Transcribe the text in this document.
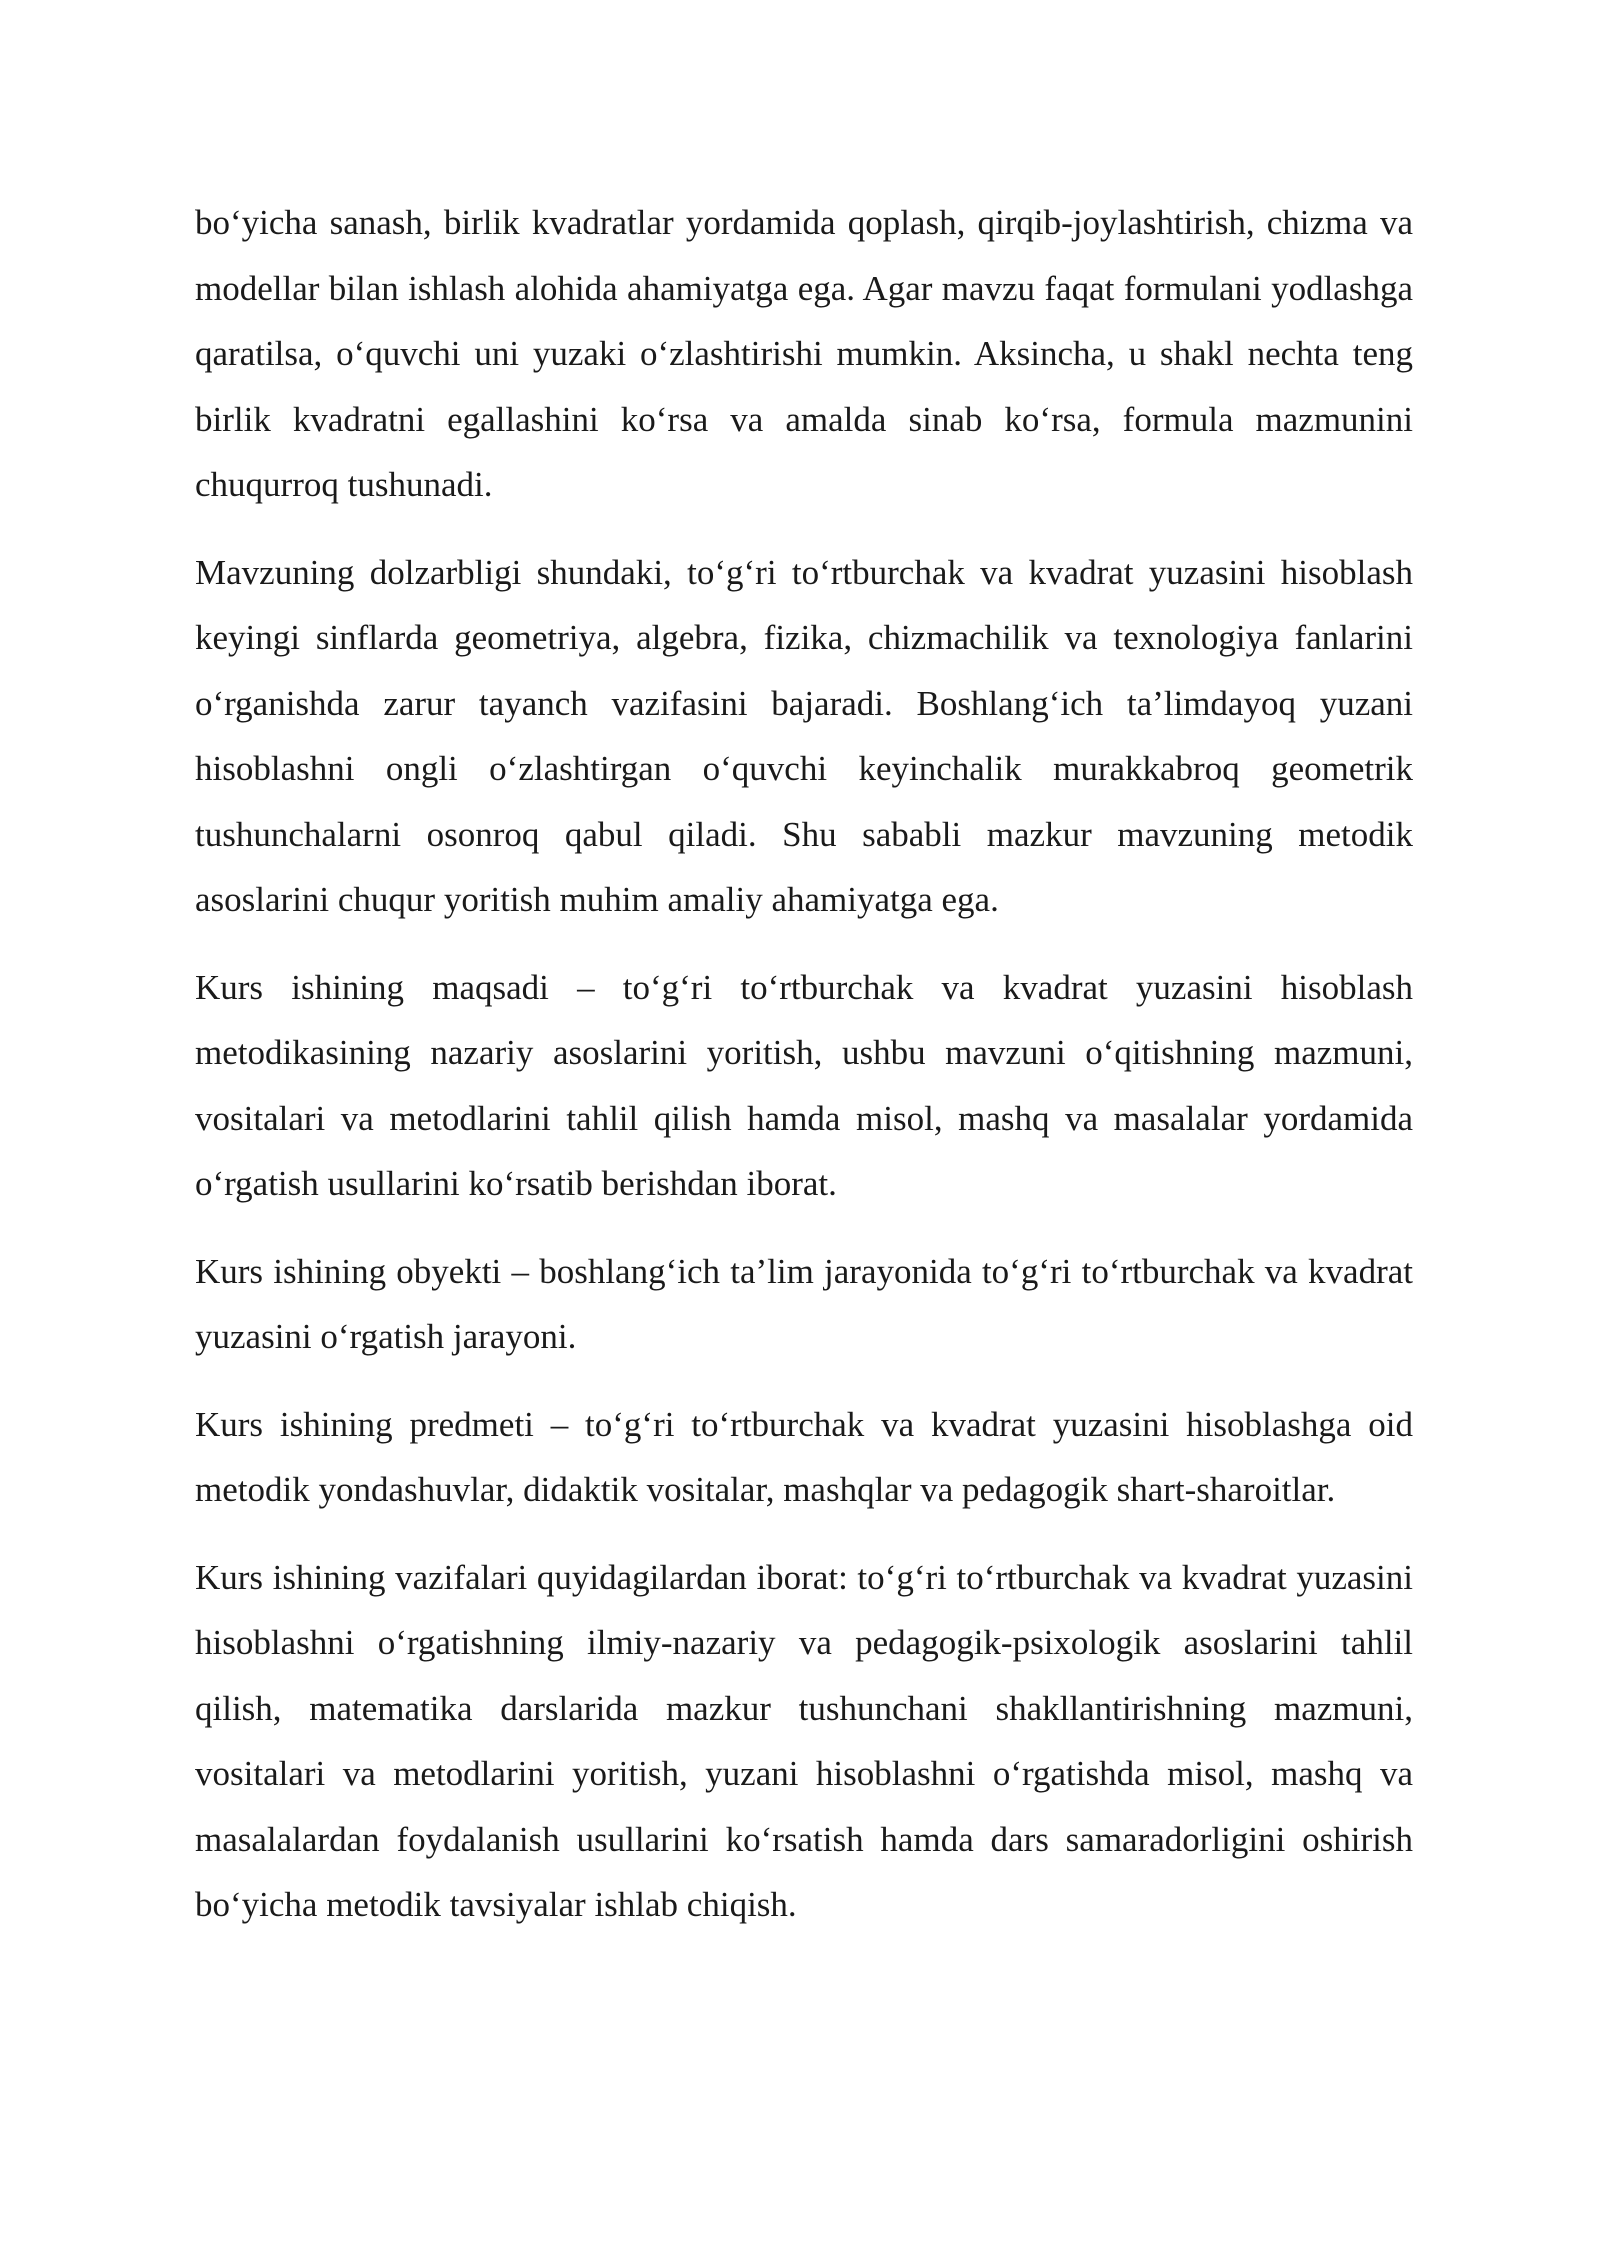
bo‘yicha sanash, birlik kvadratlar yordamida qoplash, qirqib-joylashtirish, chizma va modellar bilan ishlash alohida ahamiyatga ega. Agar mavzu faqat formulani yodlashga qaratilsa, o‘quvchi uni yuzaki o‘zlashtirishi mumkin. Aksincha, u shakl nechta teng birlik kvadratni egallashini ko‘rsa va amalda sinab ko‘rsa, formula mazmunini chuqurroq tushunadi.

Mavzuning dolzarbligi shundaki, to‘g‘ri to‘rtburchak va kvadrat yuzasini hisoblash keyingi sinflarda geometriya, algebra, fizika, chizmachilik va texnologiya fanlarini o‘rganishda zarur tayanch vazifasini bajaradi. Boshlang‘ich ta’limdayoq yuzani hisoblashni ongli o‘zlashtirgan o‘quvchi keyinchalik murakkabroq geometrik tushunchalarni osonroq qabul qiladi. Shu sababli mazkur mavzuning metodik asoslarini chuqur yoritish muhim amaliy ahamiyatga ega.

Kurs ishining maqsadi – to‘g‘ri to‘rtburchak va kvadrat yuzasini hisoblash metodikasining nazariy asoslarini yoritish, ushbu mavzuni o‘qitishning mazmuni, vositalari va metodlarini tahlil qilish hamda misol, mashq va masalalar yordamida o‘rgatish usullarini ko‘rsatib berishdan iborat.

Kurs ishining obyekti – boshlang‘ich ta’lim jarayonida to‘g‘ri to‘rtburchak va kvadrat yuzasini o‘rgatish jarayoni.

Kurs ishining predmeti – to‘g‘ri to‘rtburchak va kvadrat yuzasini hisoblashga oid metodik yondashuvlar, didaktik vositalar, mashqlar va pedagogik shart-sharoitlar.

Kurs ishining vazifalari quyidagilardan iborat: to‘g‘ri to‘rtburchak va kvadrat yuzasini hisoblashni o‘rgatishning ilmiy-nazariy va pedagogik-psixologik asoslarini tahlil qilish, matematika darslarida mazkur tushunchani shakllantirishning mazmuni, vositalari va metodlarini yoritish, yuzani hisoblashni o‘rgatishda misol, mashq va masalalardan foydalanish usullarini ko‘rsatish hamda dars samaradorligini oshirish bo‘yicha metodik tavsiyalar ishlab chiqish.
